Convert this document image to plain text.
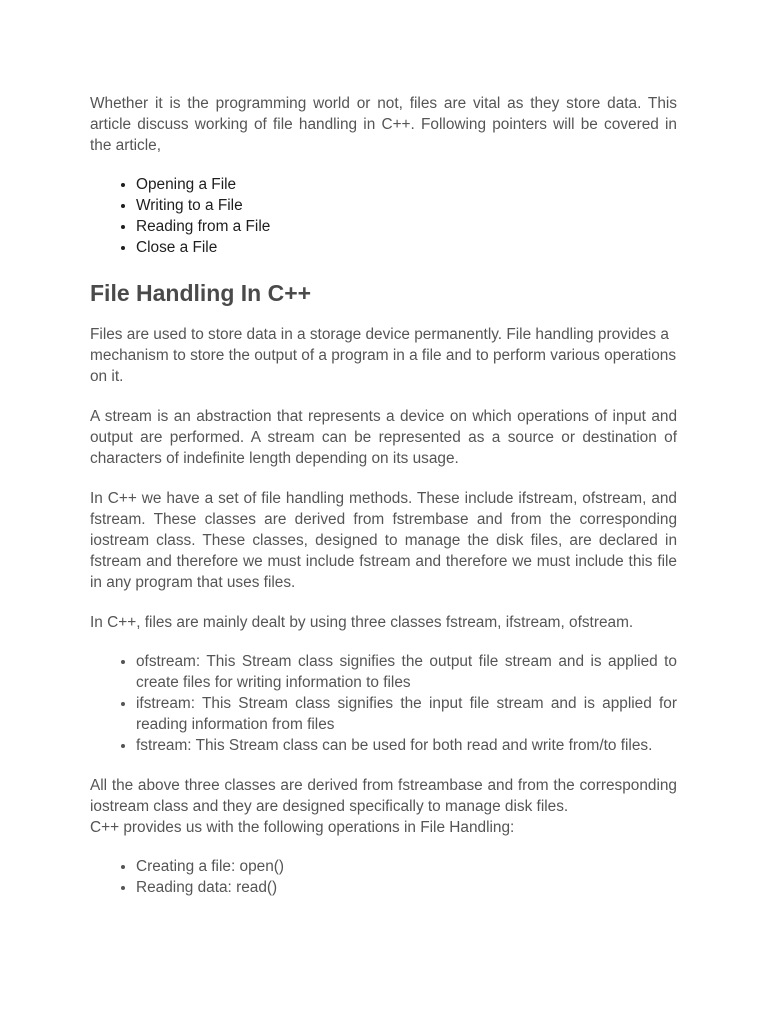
Whether it is the programming world or not, files are vital as they store data. This article discuss working of file handling in C++. Following pointers will be covered in the article,

• Opening a File
• Writing to a File
• Reading from a File
• Close a File
File Handling In C++

Files are used to store data in a storage device permanently. File handling provides a mechanism to store the output of a program in a file and to perform various operations on it.

A stream is an abstraction that represents a device on which operations of input and output are performed. A stream can be represented as a source or destination of characters of indefinite length depending on its usage.

In C++ we have a set of file handling methods. These include ifstream, ofstream, and fstream. These classes are derived from fstrembase and from the corresponding iostream class. These classes, designed to manage the disk files, are declared in fstream and therefore we must include fstream and therefore we must include this file in any program that uses files.

In C++, files are mainly dealt by using three classes fstream, ifstream, ofstream.

• ofstream: This Stream class signifies the output file stream and is applied to create files for writing information to files
• ifstream: This Stream class signifies the input file stream and is applied for reading information from files
• fstream: This Stream class can be used for both read and write from/to files.

All the above three classes are derived from fstreambase and from the corresponding iostream class and they are designed specifically to manage disk files.

C++ provides us with the following operations in File Handling:

• Creating a file: open()
• Reading data: read()
